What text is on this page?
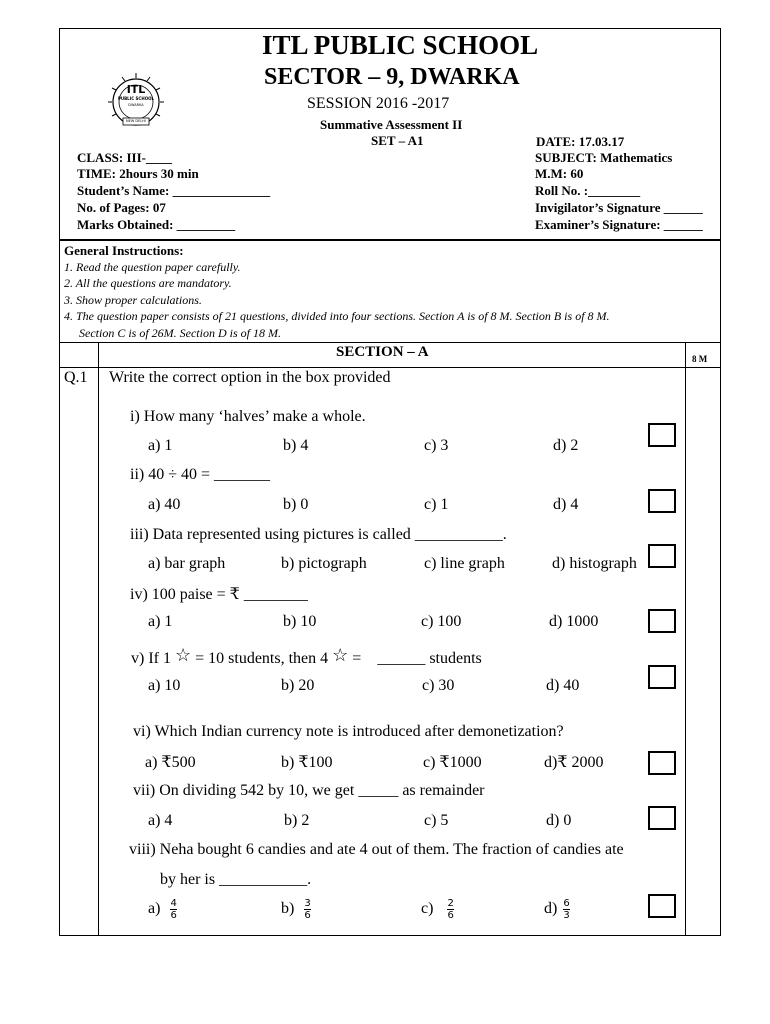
ITL
PUBLIC SCHOOL
DWARKA
NEW DELHI
ITL PUBLIC SCHOOL
SECTOR – 9, DWARKA
SESSION 2016 -2017
Summative Assessment II
SET – A1
CLASS: III-____
TIME: 2hours 30 min
Student’s Name: _______________
No. of Pages: 07
Marks Obtained: _________
DATE: 17.03.17
SUBJECT: Mathematics
M.M: 60
Roll No. :________
Invigilator’s Signature ______
Examiner’s Signature: ______
General Instructions:
1. Read the question paper carefully.
2. All the questions are mandatory.
3. Show proper calculations.
4. The question paper consists of 21 questions, divided into four sections. Section A is of 8 M. Section B is of 8 M.
Section C is of 26M. Section D is of 18 M.
SECTION – A	8 M
Q.1 Write the correct option in the box provided
i) How many ‘halves’ make a whole.
a) 1	b) 4	c) 3	d) 2
ii) 40 ÷ 40 = _______
a) 40	b) 0	c) 1	d) 4
iii) Data represented using pictures is called ___________.
a) bar graph	b) pictograph	c) line graph	d) histograph
iv) 100 paise = ₹ ________
a) 1	b) 10	c) 100	d) 1000
v) If 1 ☆ = 10 students, then 4 ☆ = ______ students
a) 10	b) 20	c) 30	d) 40
vi) Which Indian currency note is introduced after demonetization?
a) ₹500	b) ₹100	c) ₹1000	d)₹ 2000
vii) On dividing 542 by 10, we get _____ as remainder
a) 4	b) 2	c) 5	d) 0
viii) Neha bought 6 candies and ate 4 out of them. The fraction of candies ate
by her is ___________.
$a) \frac{4}{6}$	$b) \frac{3}{6}$	$c) \frac{2}{6}$	$d) \frac{6}{3}$
